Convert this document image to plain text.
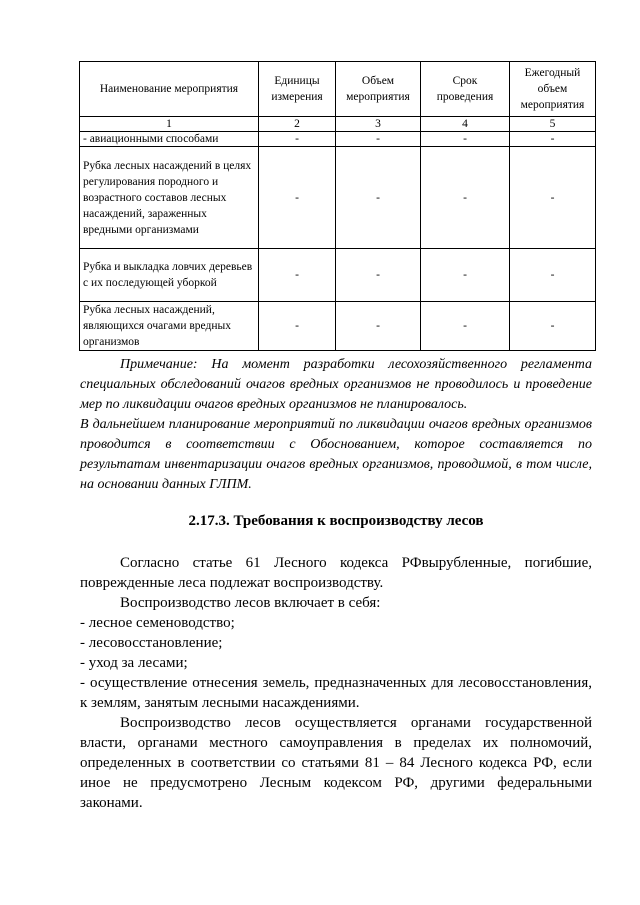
Наименование мероприятия	Единицы измерения	Объем мероприятия	Срок проведения	Ежегодный объем мероприятия
1	2	3	4	5
- авиационными способами	-	-	-	-
Рубка лесных насаждений в целях регулирования породного и возрастного составов лесных насаждений, зараженных вредными организмами	-	-	-	-
Рубка и выкладка ловчих деревьев с их последующей уборкой	-	-	-	-
Рубка лесных насаждений, являющихся очагами вредных организмов	-	-	-	-

Примечание: На момент разработки лесохозяйственного регламента специальных обследований очагов вредных организмов не проводилось и проведение мер по ликвидации очагов вредных организмов не планировалось.

В дальнейшем планирование мероприятий по ликвидации очагов вредных организмов проводится в соответствии с Обоснованием, которое составляется по результатам инвентаризации очагов вредных организмов, проводимой, в том числе, на основании данных ГЛПМ.

2.17.3. Требования к воспроизводству лесов

Согласно статье 61 Лесного кодекса РФвырубленные, погибшие, поврежденные леса подлежат воспроизводству.

Воспроизводство лесов включает в себя:

- лесное семеноводство;

- лесовосстановление;

- уход за лесами;

- осуществление отнесения земель, предназначенных для лесовосстановления, к землям, занятым лесными насаждениями.

Воспроизводство лесов осуществляется органами государственной власти, органами местного самоуправления в пределах их полномочий, определенных в соответствии со статьями 81 – 84 Лесного кодекса РФ, если иное не предусмотрено Лесным кодексом РФ, другими федеральными законами.
